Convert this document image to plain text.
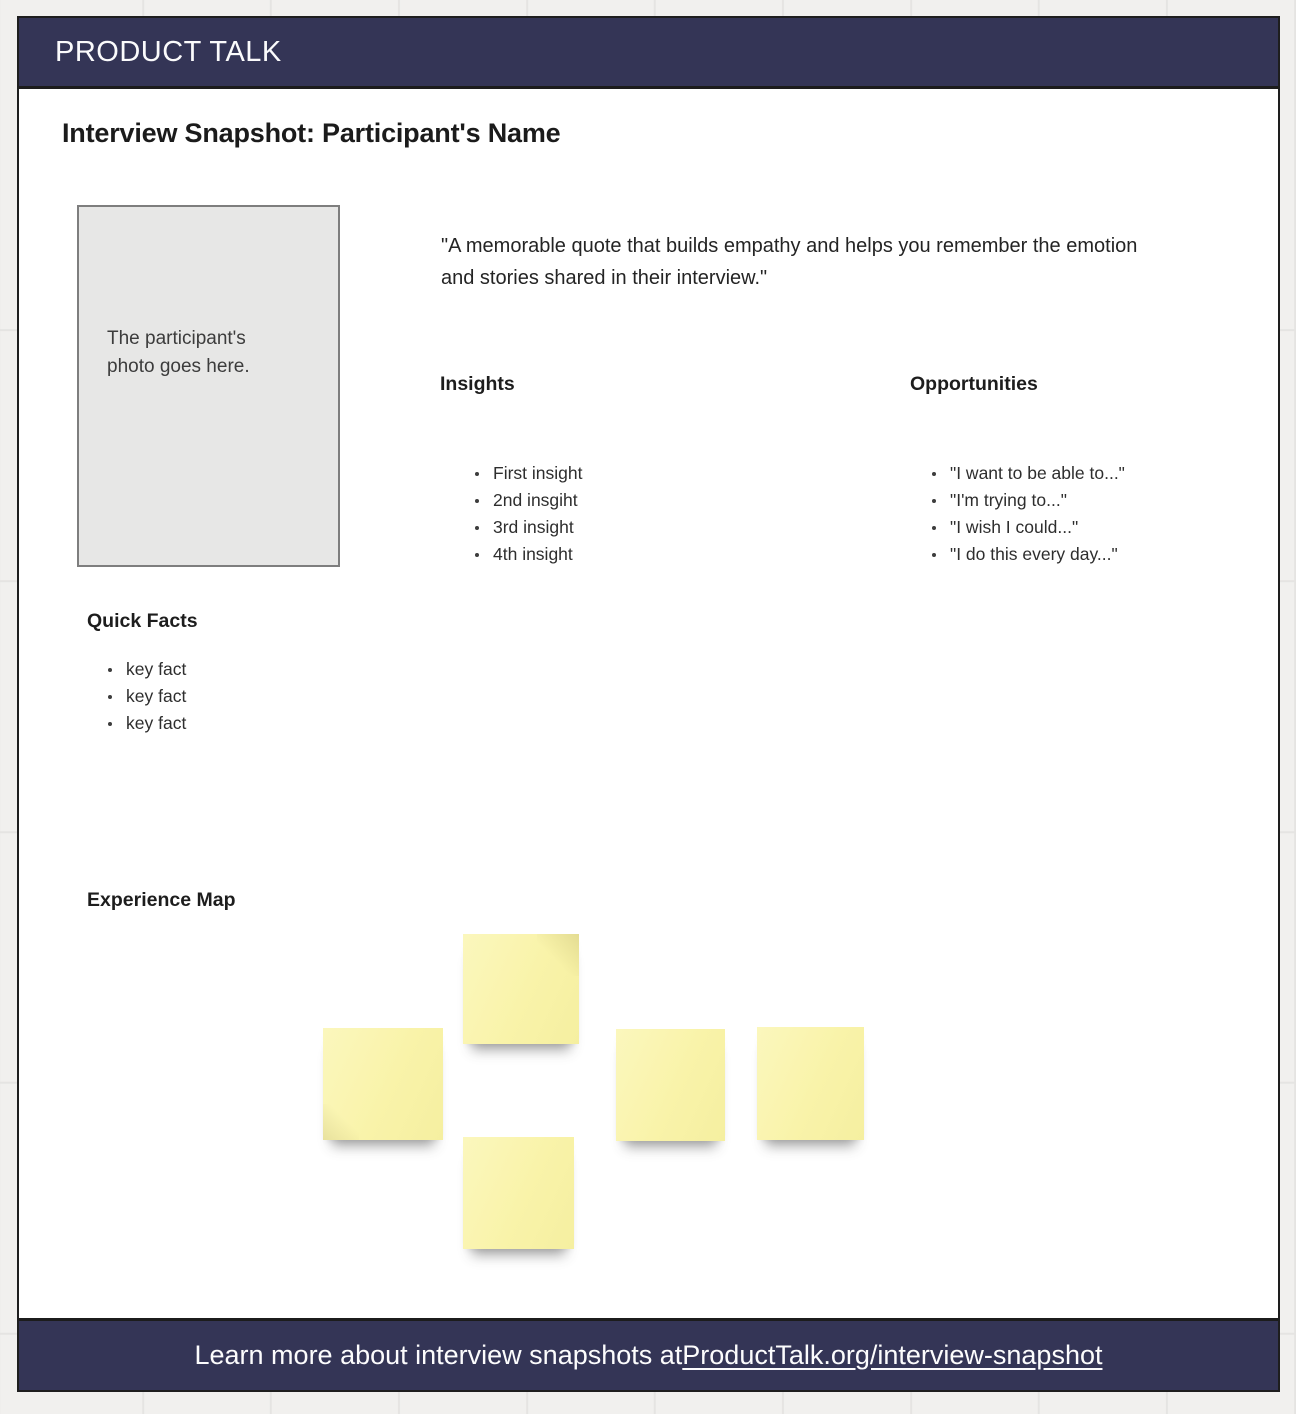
PRODUCT TALK
Interview Snapshot: Participant's Name

The participant's photo goes here.

"A memorable quote that builds empathy and helps you remember the emotion and stories shared in their interview."

Insights
First insight
2nd insgiht
3rd insight
4th insight
Opportunities
"I want to be able to..."
"I'm trying to..."
"I wish I could..."
"I do this every day..."
Quick Facts
key fact
key fact
key fact
Experience Map
Learn more about interview snapshots at ProductTalk.org/interview-snapshot
